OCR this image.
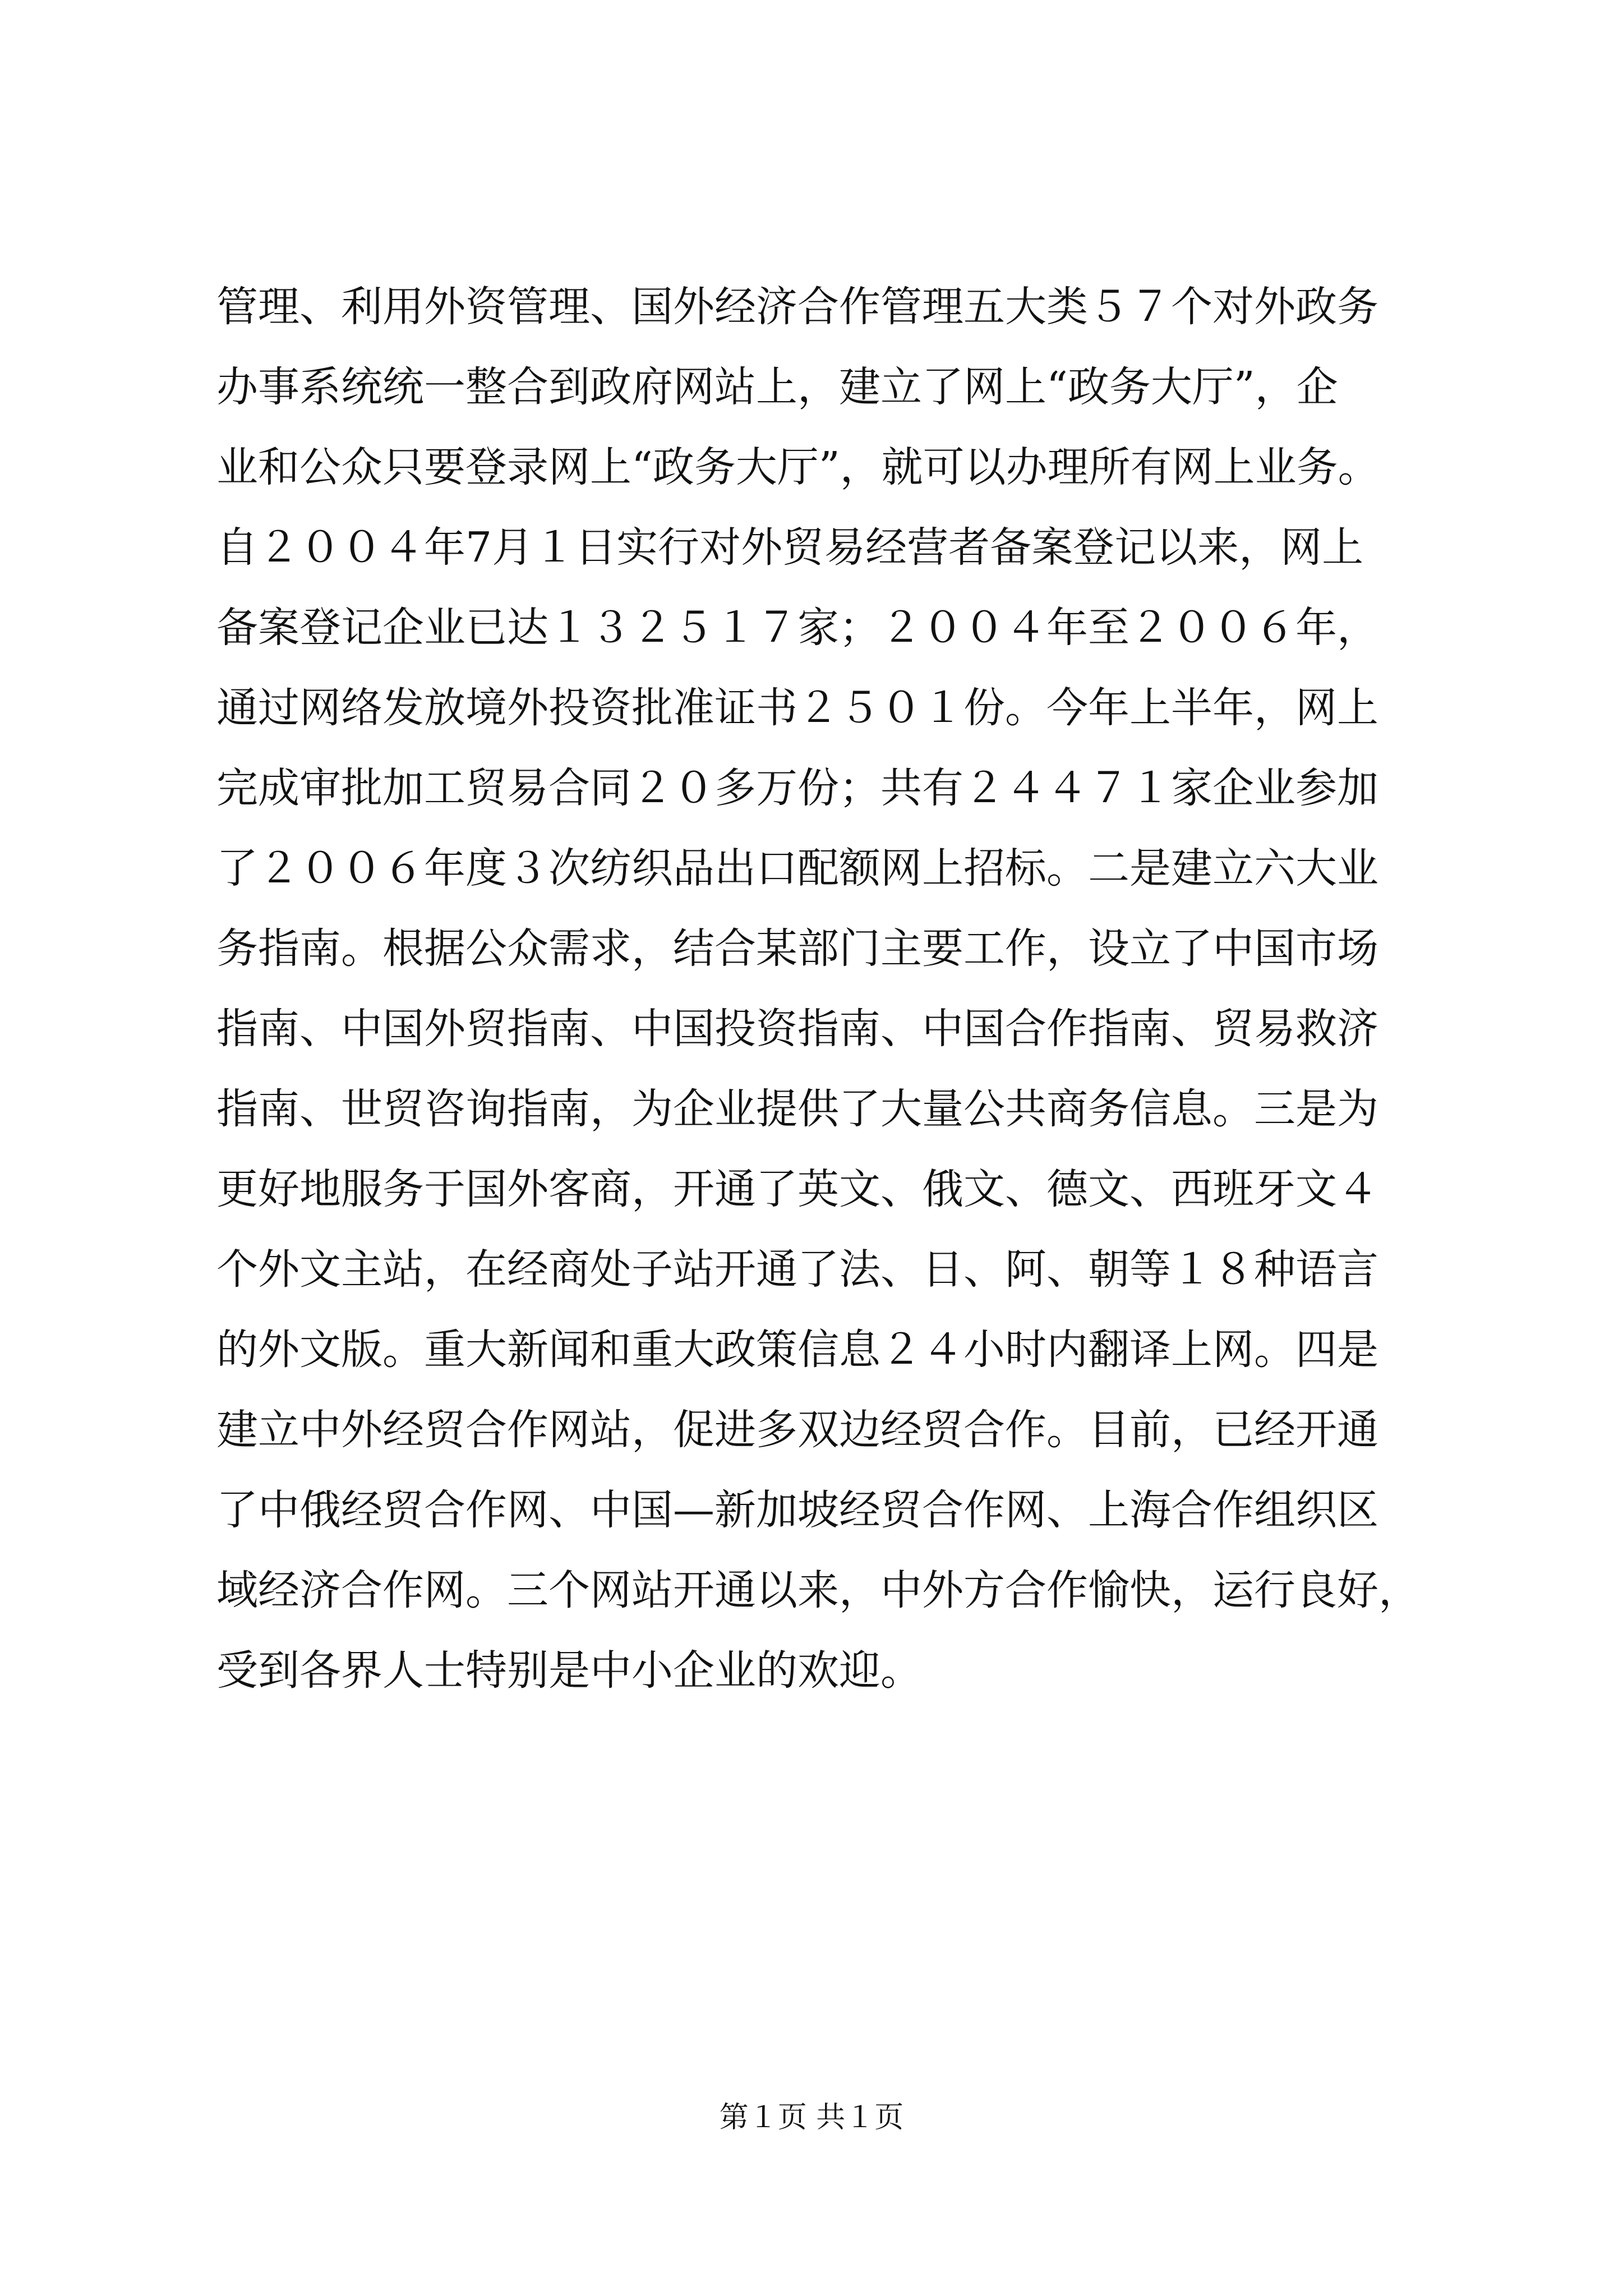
管理、利用外资管理、国外经济合作管理五大类５７个对外政务
办事系统统一整合到政府网站上，建立了网上“政务大厅”，企
业和公众只要登录网上“政务大厅”，就可以办理所有网上业务。
自２００４年7月１日实行对外贸易经营者备案登记以来，网上
备案登记企业已达１３２５１７家；２００４年至２００６年，
通过网络发放境外投资批准证书２５０１份。今年上半年，网上
完成审批加工贸易合同２０多万份；共有２４４７１家企业参加
了２００６年度３次纺织品出口配额网上招标。二是建立六大业
务指南。根据公众需求，结合某部门主要工作，设立了中国市场
指南、中国外贸指南、中国投资指南、中国合作指南、贸易救济
指南、世贸咨询指南，为企业提供了大量公共商务信息。三是为
更好地服务于国外客商，开通了英文、俄文、德文、西班牙文４
个外文主站，在经商处子站开通了法、日、阿、朝等１８种语言
的外文版。重大新闻和重大政策信息２４小时内翻译上网。四是
建立中外经贸合作网站，促进多双边经贸合作。目前，已经开通
了中俄经贸合作网、中国—新加坡经贸合作网、上海合作组织区
域经济合作网。三个网站开通以来，中外方合作愉快，运行良好，
受到各界人士特别是中小企业的欢迎。
第１页 共１页
